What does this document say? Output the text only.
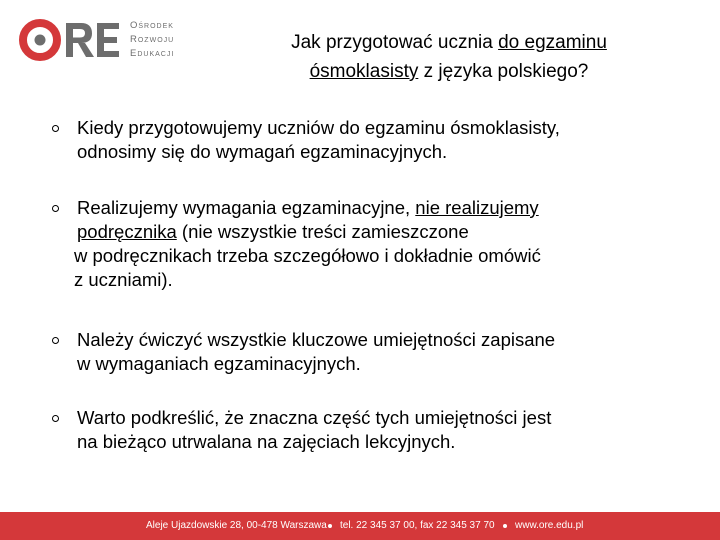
Ośrodek
Rozwoju
Edukacji
Jak przygotować ucznia do egzaminu
ósmoklasisty z języka polskiego?
Kiedy przygotowujemy uczniów do egzaminu ósmoklasisty,
odnosimy się do wymagań egzaminacyjnych.
Realizujemy wymagania egzaminacyjne, nie realizujemy
podręcznika (nie wszystkie treści zamieszczone
w podręcznikach trzeba szczegółowo i dokładnie omówić
z uczniami).
Należy ćwiczyć wszystkie kluczowe umiejętności zapisane
w wymaganiach egzaminacyjnych.
Warto podkreślić, że znaczna część tych umiejętności jest
na bieżąco utrwalana na zajęciach lekcyjnych.
Aleje Ujazdowskie 28, 00-478 Warszawa tel. 22 345 37 00, fax 22 345 37 70 www.ore.edu.pl
